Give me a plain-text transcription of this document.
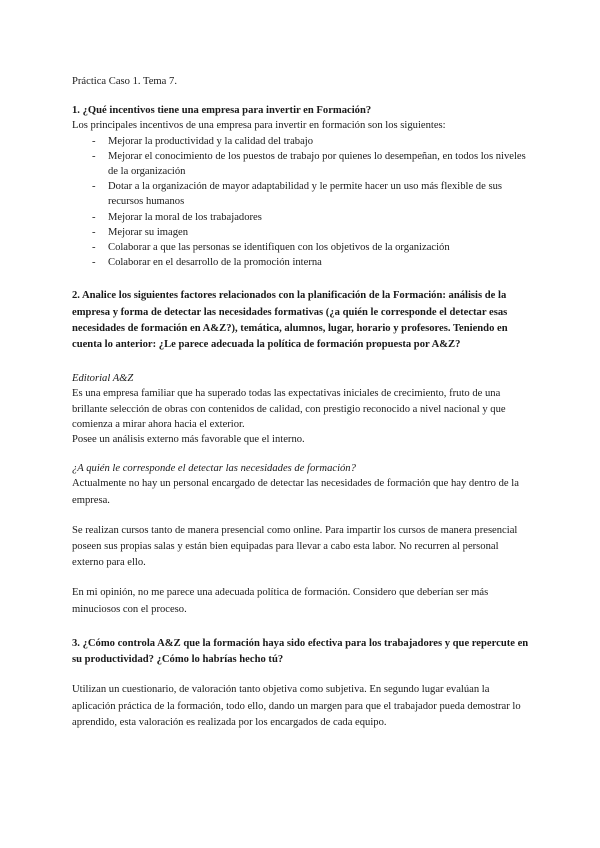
Práctica Caso 1. Tema 7.

1. ¿Qué incentivos tiene una empresa para invertir en Formación?

Los principales incentivos de una empresa para invertir en formación son los siguientes:

- Mejorar la productividad y la calidad del trabajo
- Mejorar el conocimiento de los puestos de trabajo por quienes lo desempeñan, en todos los niveles de la organización
- Dotar a la organización de mayor adaptabilidad y le permite hacer un uso más flexible de sus recursos humanos
- Mejorar la moral de los trabajadores
- Mejorar su imagen
- Colaborar a que las personas se identifiquen con los objetivos de la organización
- Colaborar en el desarrollo de la promoción interna

2. Analice los siguientes factores relacionados con la planificación de la Formación: análisis de la empresa y forma de detectar las necesidades formativas (¿a quién le corresponde el detectar esas necesidades de formación en A&Z?), temática, alumnos, lugar, horario y profesores. Teniendo en cuenta lo anterior: ¿Le parece adecuada la política de formación propuesta por A&Z?

Editorial A&Z

Es una empresa familiar que ha superado todas las expectativas iniciales de crecimiento, fruto de una brillante selección de obras con contenidos de calidad, con prestigio reconocido a nivel nacional y que comienza a mirar ahora hacia el exterior.

Posee un análisis externo más favorable que el interno.

¿A quién le corresponde el detectar las necesidades de formación?

Actualmente no hay un personal encargado de detectar las necesidades de formación que hay dentro de la empresa.

Se realizan cursos tanto de manera presencial como online. Para impartir los cursos de manera presencial poseen sus propias salas y están bien equipadas para llevar a cabo esta labor. No recurren al personal externo para ello.

En mi opinión, no me parece una adecuada política de formación. Considero que deberían ser más minuciosos con el proceso.

3. ¿Cómo controla A&Z que la formación haya sido efectiva para los trabajadores y que repercute en su productividad? ¿Cómo lo habrías hecho tú?

Utilizan un cuestionario, de valoración tanto objetiva como subjetiva. En segundo lugar evalúan la aplicación práctica de la formación, todo ello, dando un margen para que el trabajador pueda demostrar lo aprendido, esta valoración es realizada por los encargados de cada equipo.
